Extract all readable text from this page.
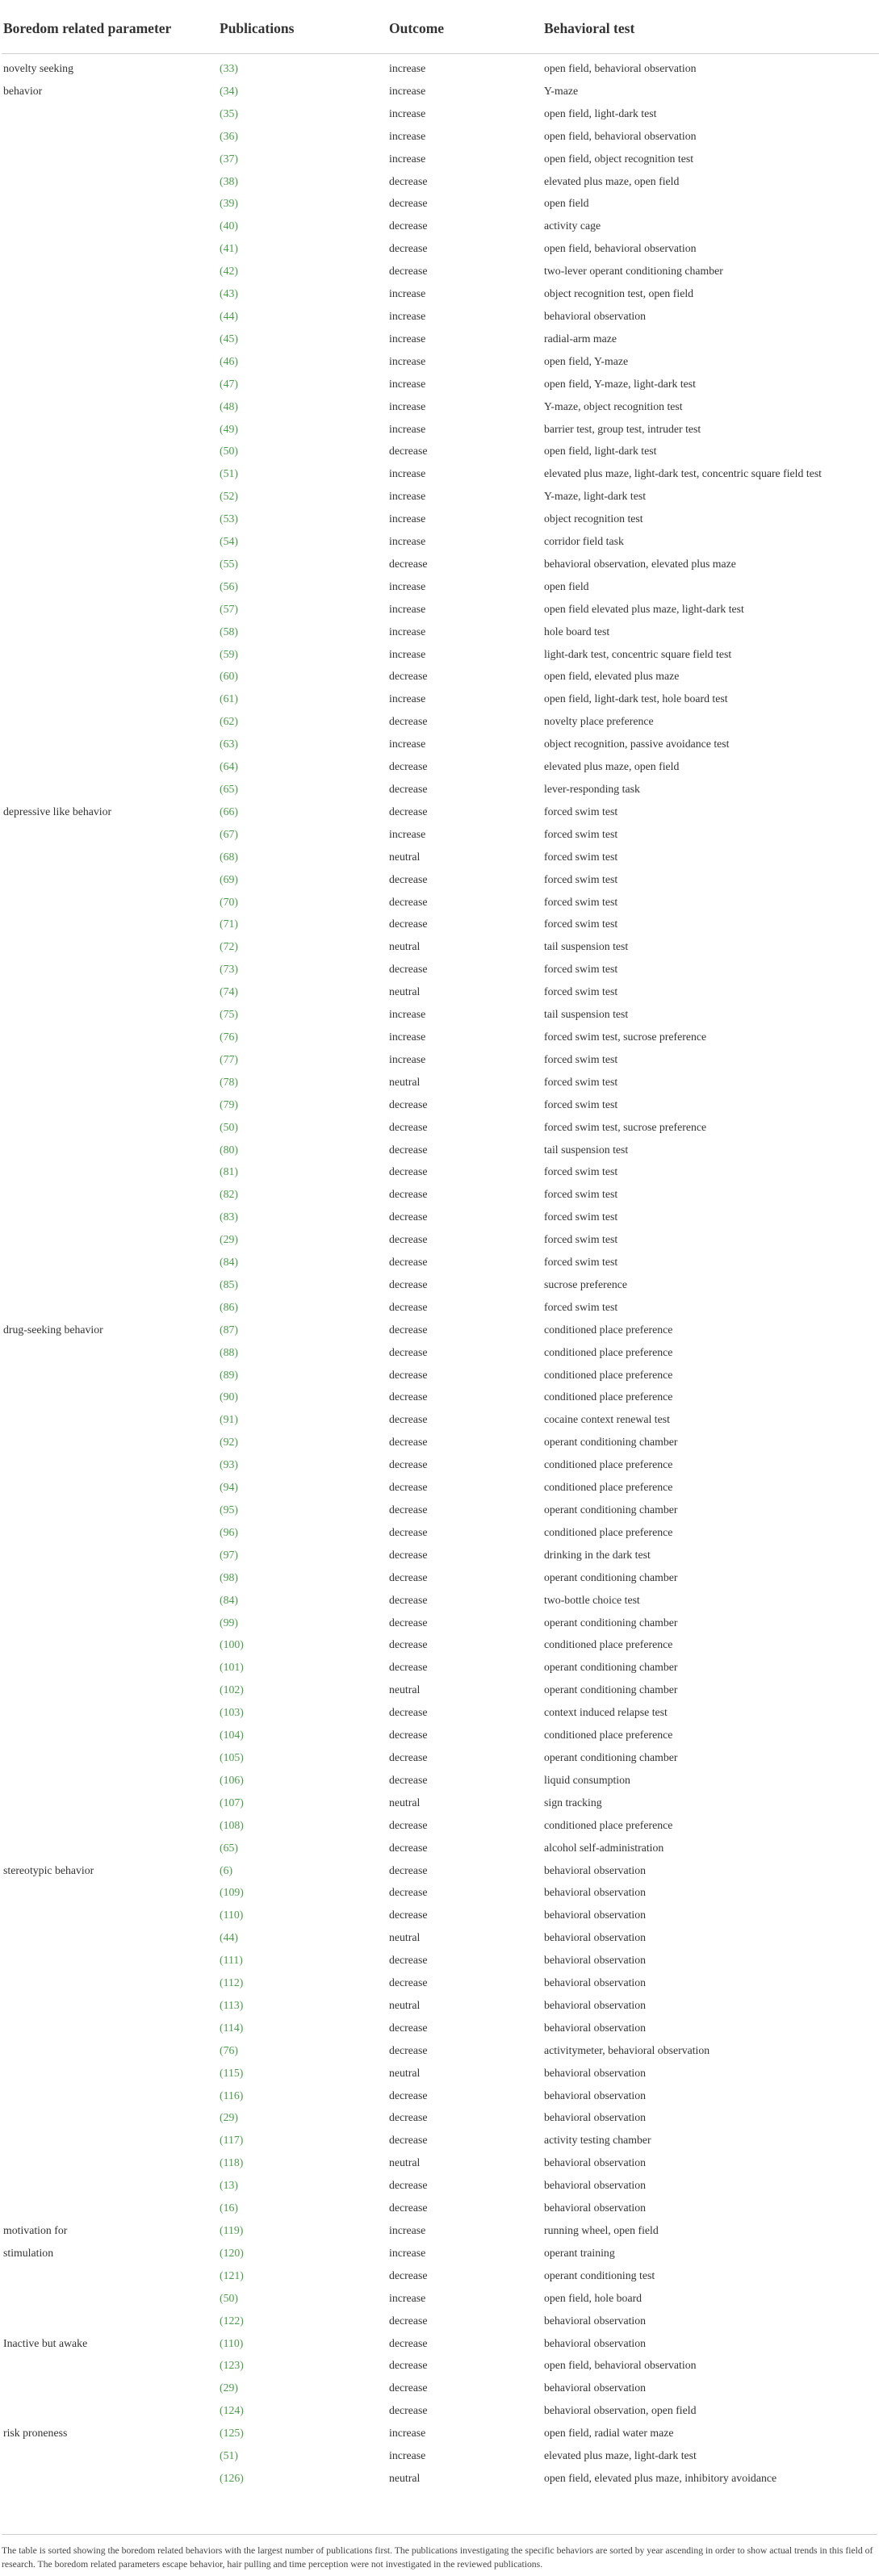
Boredom related parameter	Publications	Outcome	Behavioral test
novelty seeking	(33)	increase	open field, behavioral observation
behavior	(34)	increase	Y-maze
	(35)	increase	open field, light-dark test
	(36)	increase	open field, behavioral observation
	(37)	increase	open field, object recognition test
	(38)	decrease	elevated plus maze, open field
	(39)	decrease	open field
	(40)	decrease	activity cage
	(41)	decrease	open field, behavioral observation
	(42)	decrease	two-lever operant conditioning chamber
	(43)	increase	object recognition test, open field
	(44)	increase	behavioral observation
	(45)	increase	radial-arm maze
	(46)	increase	open field, Y-maze
	(47)	increase	open field, Y-maze, light-dark test
	(48)	increase	Y-maze, object recognition test
	(49)	increase	barrier test, group test, intruder test
	(50)	decrease	open field, light-dark test
	(51)	increase	elevated plus maze, light-dark test, concentric square field test
	(52)	increase	Y-maze, light-dark test
	(53)	increase	object recognition test
	(54)	increase	corridor field task
	(55)	decrease	behavioral observation, elevated plus maze
	(56)	increase	open field
	(57)	increase	open field elevated plus maze, light-dark test
	(58)	increase	hole board test
	(59)	increase	light-dark test, concentric square field test
	(60)	decrease	open field, elevated plus maze
	(61)	increase	open field, light-dark test, hole board test
	(62)	decrease	novelty place preference
	(63)	increase	object recognition, passive avoidance test
	(64)	decrease	elevated plus maze, open field
	(65)	decrease	lever-responding task
depressive like behavior	(66)	decrease	forced swim test
	(67)	increase	forced swim test
	(68)	neutral	forced swim test
	(69)	decrease	forced swim test
	(70)	decrease	forced swim test
	(71)	decrease	forced swim test
	(72)	neutral	tail suspension test
	(73)	decrease	forced swim test
	(74)	neutral	forced swim test
	(75)	increase	tail suspension test
	(76)	increase	forced swim test, sucrose preference
	(77)	increase	forced swim test
	(78)	neutral	forced swim test
	(79)	decrease	forced swim test
	(50)	decrease	forced swim test, sucrose preference
	(80)	decrease	tail suspension test
	(81)	decrease	forced swim test
	(82)	decrease	forced swim test
	(83)	decrease	forced swim test
	(29)	decrease	forced swim test
	(84)	decrease	forced swim test
	(85)	decrease	sucrose preference
	(86)	decrease	forced swim test
drug-seeking behavior	(87)	decrease	conditioned place preference
	(88)	decrease	conditioned place preference
	(89)	decrease	conditioned place preference
	(90)	decrease	conditioned place preference
	(91)	decrease	cocaine context renewal test
	(92)	decrease	operant conditioning chamber
	(93)	decrease	conditioned place preference
	(94)	decrease	conditioned place preference
	(95)	decrease	operant conditioning chamber
	(96)	decrease	conditioned place preference
	(97)	decrease	drinking in the dark test
	(98)	decrease	operant conditioning chamber
	(84)	decrease	two-bottle choice test
	(99)	decrease	operant conditioning chamber
	(100)	decrease	conditioned place preference
	(101)	decrease	operant conditioning chamber
	(102)	neutral	operant conditioning chamber
	(103)	decrease	context induced relapse test
	(104)	decrease	conditioned place preference
	(105)	decrease	operant conditioning chamber
	(106)	decrease	liquid consumption
	(107)	neutral	sign tracking
	(108)	decrease	conditioned place preference
	(65)	decrease	alcohol self-administration
stereotypic behavior	(6)	decrease	behavioral observation
	(109)	decrease	behavioral observation
	(110)	decrease	behavioral observation
	(44)	neutral	behavioral observation
	(111)	decrease	behavioral observation
	(112)	decrease	behavioral observation
	(113)	neutral	behavioral observation
	(114)	decrease	behavioral observation
	(76)	decrease	activitymeter, behavioral observation
	(115)	neutral	behavioral observation
	(116)	decrease	behavioral observation
	(29)	decrease	behavioral observation
	(117)	decrease	activity testing chamber
	(118)	neutral	behavioral observation
	(13)	decrease	behavioral observation
	(16)	decrease	behavioral observation
motivation for	(119)	increase	running wheel, open field
stimulation	(120)	increase	operant training
	(121)	decrease	operant conditioning test
	(50)	increase	open field, hole board
	(122)	decrease	behavioral observation
Inactive but awake	(110)	decrease	behavioral observation
	(123)	decrease	open field, behavioral observation
	(29)	decrease	behavioral observation
	(124)	decrease	behavioral observation, open field
risk proneness	(125)	increase	open field, radial water maze
	(51)	increase	elevated plus maze, light-dark test
	(126)	neutral	open field, elevated plus maze, inhibitory avoidance
The table is sorted showing the boredom related behaviors with the largest number of publications first. The publications investigating the specific behaviors are sorted by year ascending in order to show actual trends in this field of research. The boredom related parameters escape behavior, hair pulling and time perception were not investigated in the reviewed publications.
